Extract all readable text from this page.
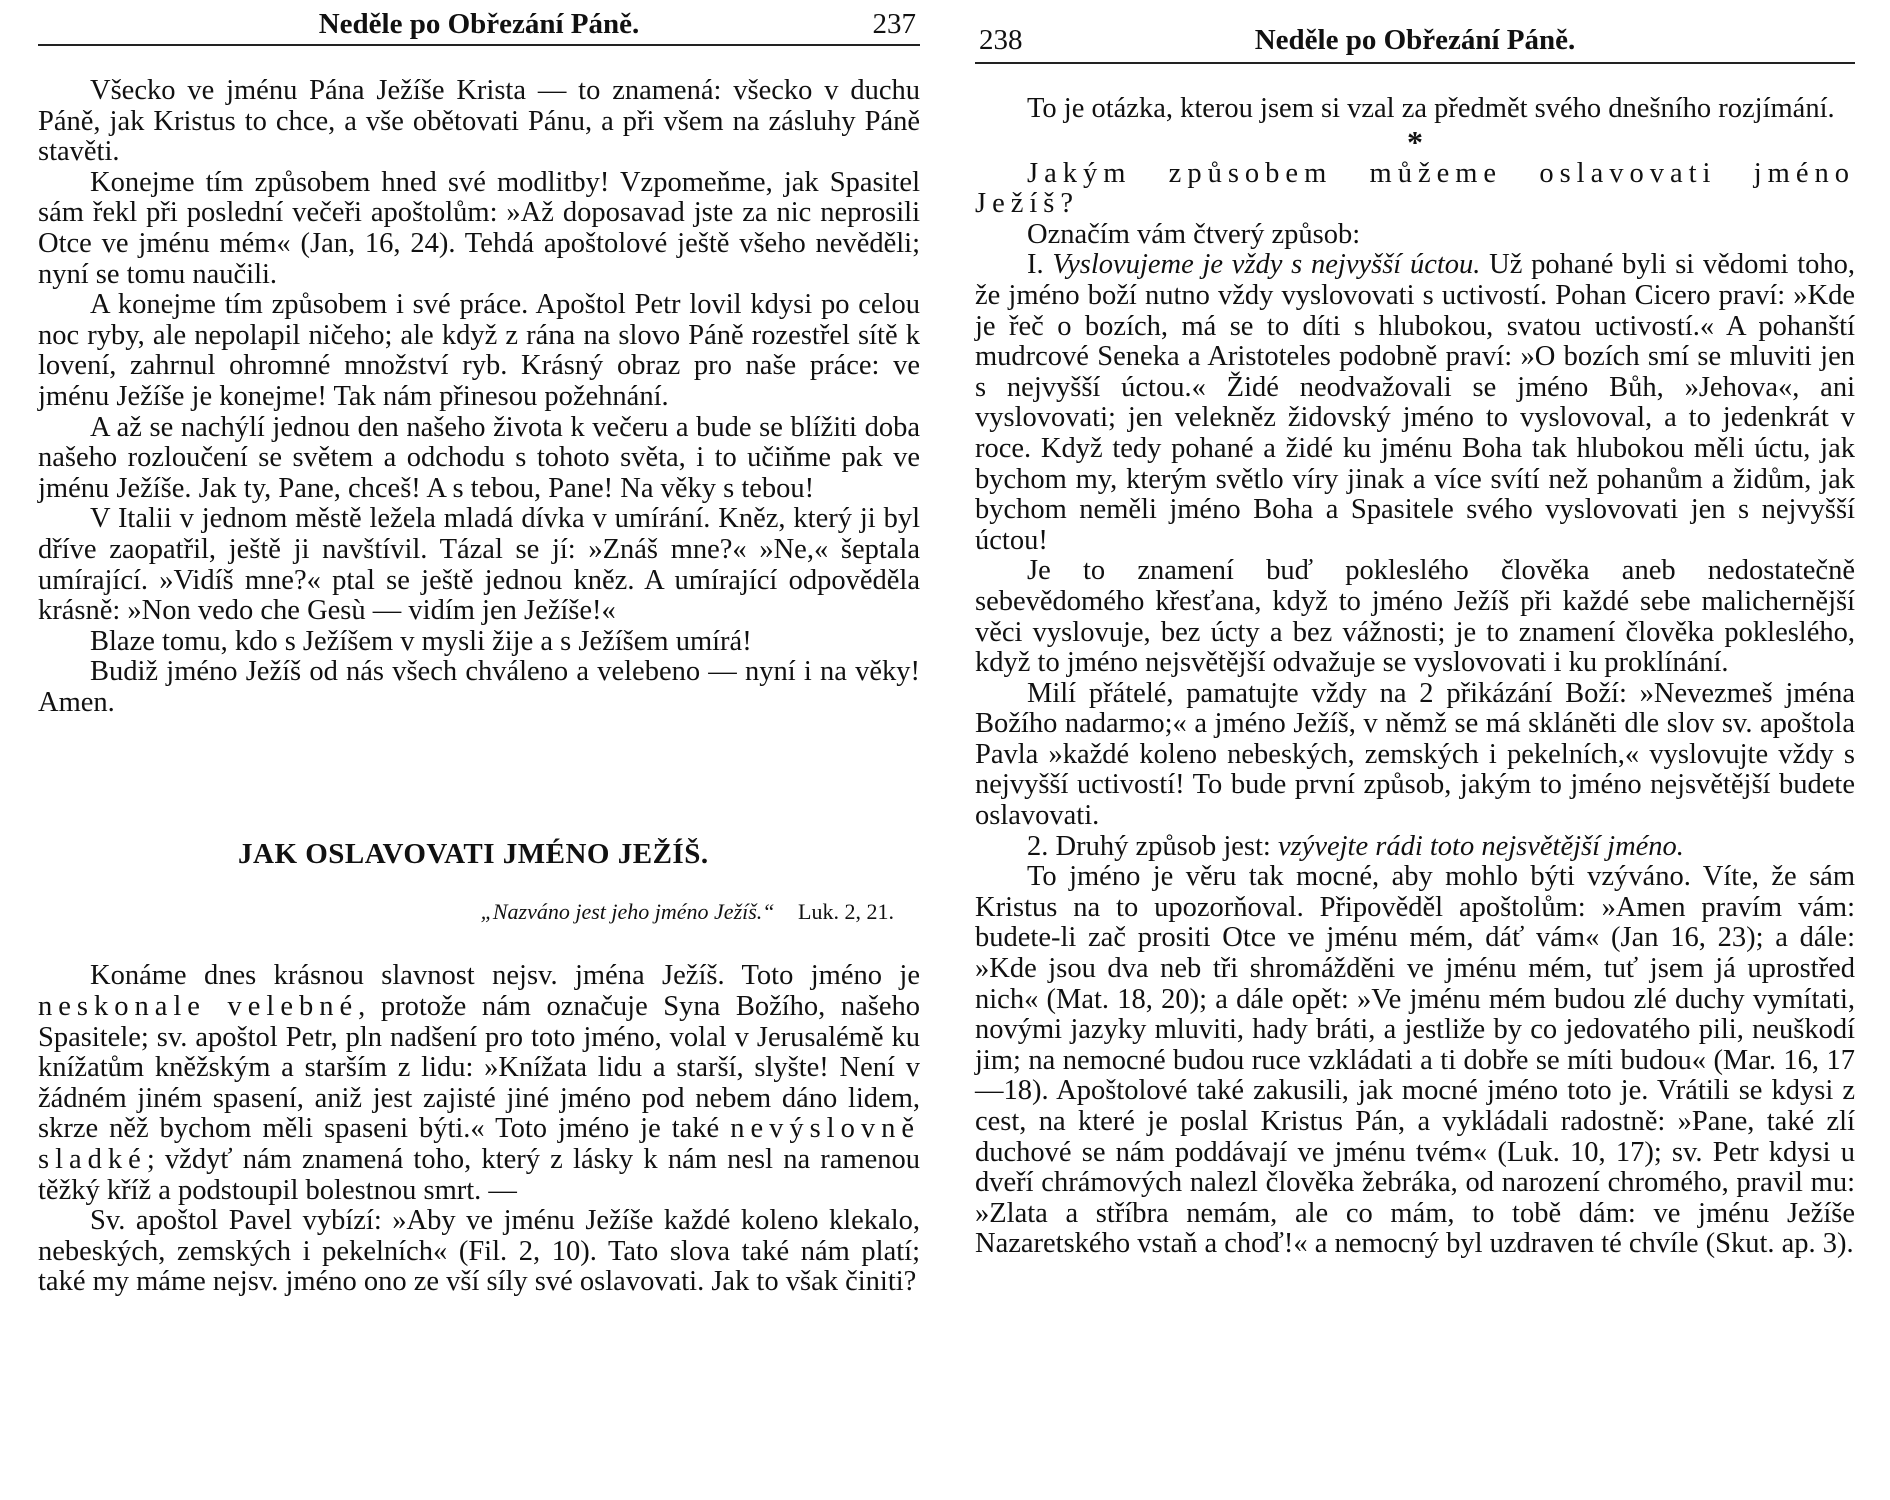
Neděle po Obřezání Páně.	237

Všecko ve jménu Pána Ježíše Krista — to znamená: všecko v duchu Páně, jak Kristus to chce, a vše obětovati Pánu, a při všem na zásluhy Páně stavěti.

Konejme tím způsobem hned své modlitby! Vzpomeňme, jak Spasitel sám řekl při poslední večeři apoštolům: »Až doposavad jste za nic neprosili Otce ve jménu mém« (Jan, 16, 24). Tehdá apoštolové ještě všeho nevěděli; nyní se tomu naučili.

A konejme tím způsobem i své práce. Apoštol Petr lovil kdysi po celou noc ryby, ale nepolapil ničeho; ale když z rána na slovo Páně rozestřel sítě k lovení, zahrnul ohromné množství ryb. Krásný obraz pro naše práce: ve jménu Ježíše je konejme! Tak nám přinesou požehnání.

A až se nachýlí jednou den našeho života k večeru a bude se blížiti doba našeho rozloučení se světem a odchodu s tohoto světa, i to učiňme pak ve jménu Ježíše. Jak ty, Pane, chceš! A s tebou, Pane! Na věky s tebou!

V Italii v jednom městě ležela mladá dívka v umírání. Kněz, který ji byl dříve zaopatřil, ještě ji navštívil. Tázal se jí: »Znáš mne?« »Ne,« šeptala umírající. »Vidíš mne?« ptal se ještě jednou kněz. A umírající odpověděla krásně: »Non vedo che Gesù — vidím jen Ježíše!«

Blaze tomu, kdo s Ježíšem v mysli žije a s Ježíšem umírá!

Budiž jméno Ježíš od nás všech chváleno a velebeno — nyní i na věky! Amen.

JAK OSLAVOVATI JMÉNO JEŽÍŠ.
„Nazváno jest jeho jméno Ježíš.“ Luk. 2, 21.

Konáme dnes krásnou slavnost nejsv. jména Ježíš. Toto jméno je neskonale velebné, protože nám označuje Syna Božího, našeho Spasitele; sv. apoštol Petr, pln nadšení pro toto jméno, volal v Jerusalémě ku knížatům kněžským a starším z lidu: »Knížata lidu a starší, slyšte! Není v žádném jiném spasení, aniž jest zajisté jiné jméno pod nebem dáno lidem, skrze něž bychom měli spaseni býti.« Toto jméno je také nevýslovně sladké; vždyť nám znamená toho, který z lásky k nám nesl na ramenou těžký kříž a podstoupil bolestnou smrt. —

Sv. apoštol Pavel vybízí: »Aby ve jménu Ježíše každé koleno klekalo, nebeských, zemských i pekelních« (Fil. 2, 10). Tato slova také nám platí; také my máme nejsv. jméno ono ze vší síly své oslavovati. Jak to však činiti?

238	Neděle po Obřezání Páně.

To je otázka, kterou jsem si vzal za předmět svého dnešního rozjímání.

*

Jakým způsobem můžeme oslavovati jméno Ježíš?

Označím vám čtverý způsob:

I. Vyslovujeme je vždy s nejvyšší úctou. Už pohané byli si vědomi toho, že jméno boží nutno vždy vyslovovati s uctivostí. Pohan Cicero praví: »Kde je řeč o bozích, má se to díti s hlubokou, svatou uctivostí.« A pohanští mudrcové Seneka a Aristoteles podobně praví: »O bozích smí se mluviti jen s nejvyšší úctou.« Židé neodvažovali se jméno Bůh, »Jehova«, ani vyslovovati; jen velekněz židovský jméno to vyslovoval, a to jedenkrát v roce. Když tedy pohané a židé ku jménu Boha tak hlubokou měli úctu, jak bychom my, kterým světlo víry jinak a více svítí než pohanům a židům, jak bychom neměli jméno Boha a Spasitele svého vyslovovati jen s nejvyšší úctou!

Je to znamení buď pokleslého člověka aneb nedostatečně sebevědomého křesťana, když to jméno Ježíš při každé sebe malichernější věci vyslovuje, bez úcty a bez vážnosti; je to znamení člověka pokleslého, když to jméno nejsvětější odvažuje se vyslovovati i ku proklínání.

Milí přátelé, pamatujte vždy na 2 přikázání Boží: »Nevezmeš jména Božího nadarmo;« a jméno Ježíš, v němž se má skláněti dle slov sv. apoštola Pavla »každé koleno nebeských, zemských i pekelních,« vyslovujte vždy s nejvyšší uctivostí! To bude první způsob, jakým to jméno nejsvětější budete oslavovati.

2. Druhý způsob jest: vzývejte rádi toto nejsvětější jméno.

To jméno je věru tak mocné, aby mohlo býti vzýváno. Víte, že sám Kristus na to upozorňoval. Připověděl apoštolům: »Amen pravím vám: budete-li zač prositi Otce ve jménu mém, dáť vám« (Jan 16, 23); a dále: »Kde jsou dva neb tři shromážděni ve jménu mém, tuť jsem já uprostřed nich« (Mat. 18, 20); a dále opět: »Ve jménu mém budou zlé duchy vymítati, novými jazyky mluviti, hady bráti, a jestliže by co jedovatého pili, neuškodí jim; na nemocné budou ruce vzkládati a ti dobře se míti budou« (Mar. 16, 17—18). Apoštolové také zakusili, jak mocné jméno toto je. Vrátili se kdysi z cest, na které je poslal Kristus Pán, a vykládali radostně: »Pane, také zlí duchové se nám poddávají ve jménu tvém« (Luk. 10, 17); sv. Petr kdysi u dveří chrámových nalezl člověka žebráka, od narození chromého, pravil mu: »Zlata a stříbra nemám, ale co mám, to tobě dám: ve jménu Ježíše Nazaretského vstaň a choď!« a nemocný byl uzdraven té chvíle (Skut. ap. 3).
